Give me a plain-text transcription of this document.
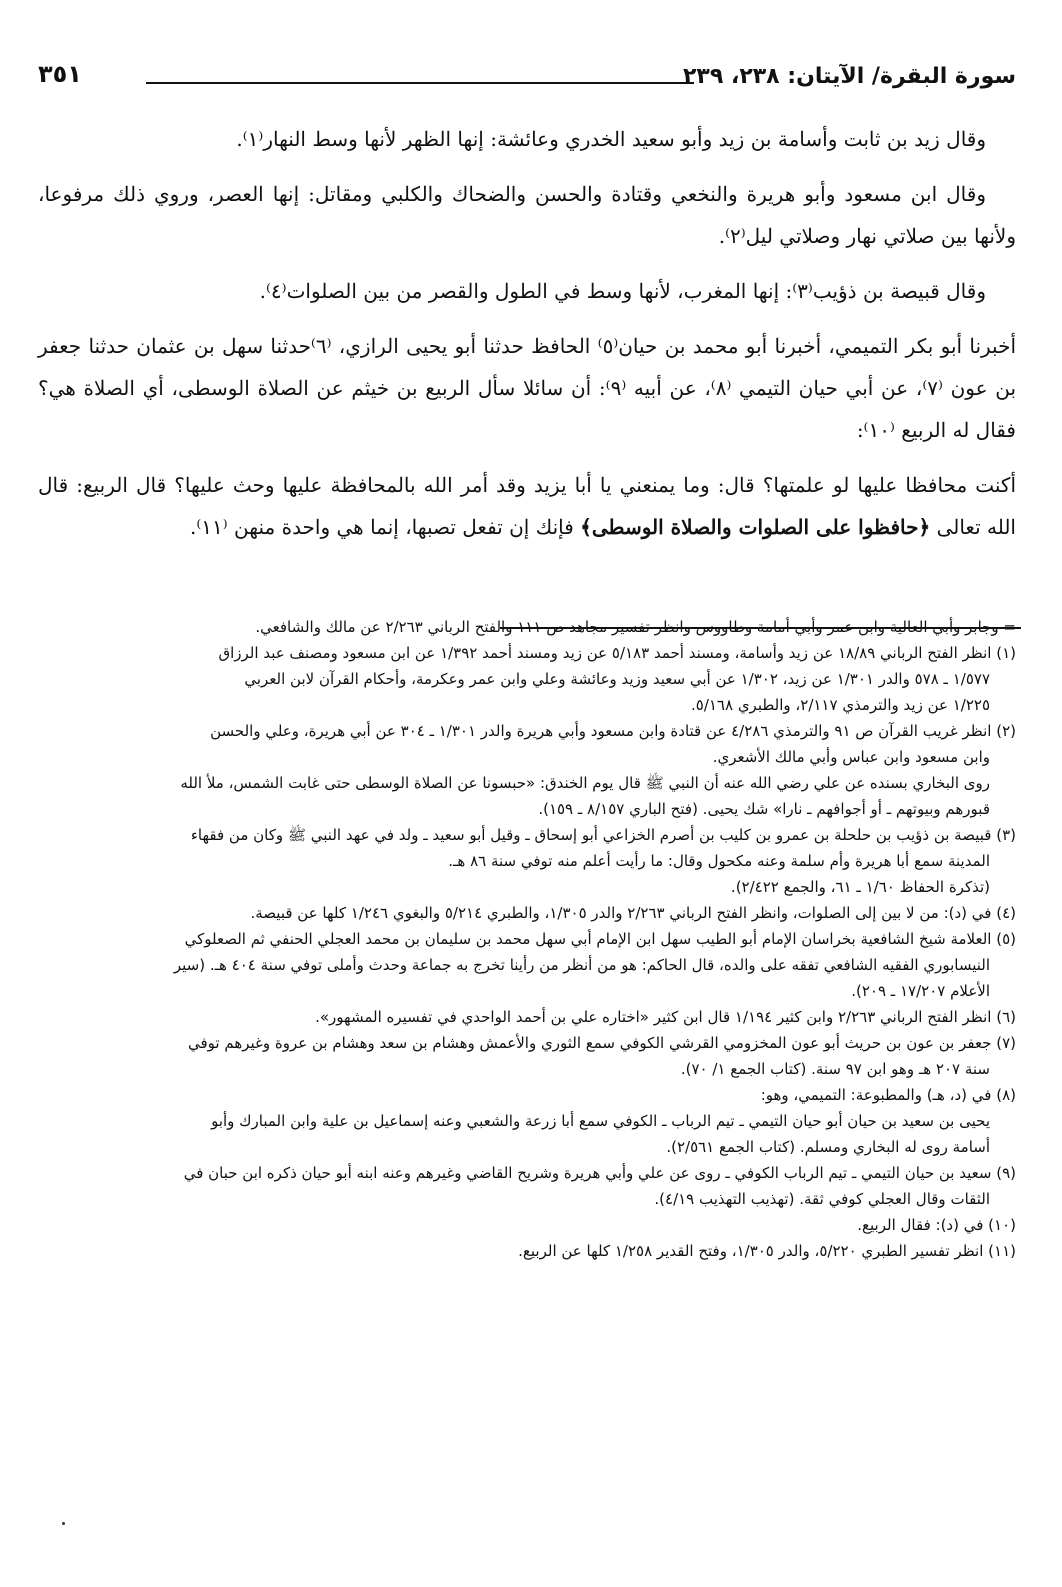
سورة البقرة/ الآيتان: ٢٣٨، ٢٣٩
٣٥١

وقال زيد بن ثابت وأسامة بن زيد وأبو سعيد الخدري وعائشة: إنها الظهر لأنها وسط النهار⁽١⁾.

وقال ابن مسعود وأبو هريرة والنخعي وقتادة والحسن والضحاك والكلبي ومقاتل: إنها العصر، وروي ذلك مرفوعا، ولأنها بين صلاتي نهار وصلاتي ليل⁽٢⁾.

وقال قبيصة بن ذؤيب⁽٣⁾: إنها المغرب، لأنها وسط في الطول والقصر من بين الصلوات⁽٤⁾.

أخبرنا أبو بكر التميمي، أخبرنا أبو محمد بن حيان⁽٥⁾ الحافظ حدثنا أبو يحيى الرازي، ⁽٦⁾حدثنا سهل بن عثمان حدثنا جعفر بن عون ⁽٧⁾، عن أبي حيان التيمي ⁽٨⁾، عن أبيه ⁽٩⁾: أن سائلا سأل الربيع بن خيثم عن الصلاة الوسطى، أي الصلاة هي؟ فقال له الربيع ⁽١٠⁾:

أكنت محافظا عليها لو علمتها؟ قال: وما يمنعني يا أبا يزيد وقد أمر الله بالمحافظة عليها وحث عليها؟ قال الربيع: قال الله تعالى ﴿حافظوا على الصلوات والصلاة الوسطى﴾ فإنك إن تفعل تصبها، إنما هي واحدة منهن ⁽١١⁾.

= وجابر وأبي العالية وابن عمر وأبي أمامة وطاووس وانظر تفسير مجاهد ص ١١١ والفتح الرباني ٢/٢٦٣ عن مالك والشافعي.

(١) انظر الفتح الرباني ١٨/٨٩ عن زيد وأسامة، ومسند أحمد ٥/١٨٣ عن زيد ومسند أحمد ١/٣٩٢ عن ابن مسعود ومصنف عبد الرزاق

١/٥٧٧ ـ ٥٧٨ والدر ١/٣٠١ عن زيد، ١/٣٠٢ عن أبي سعيد وزيد وعائشة وعلي وابن عمر وعكرمة، وأحكام القرآن لابن العربي

١/٢٢٥ عن زيد والترمذي ٢/١١٧، والطبري ٥/١٦٨.

(٢) انظر غريب القرآن ص ٩١ والترمذي ٤/٢٨٦ عن قتادة وابن مسعود وأبي هريرة والدر ١/٣٠١ ـ ٣٠٤ عن أبي هريرة، وعلي والحسن

وابن مسعود وابن عباس وأبي مالك الأشعري.

روى البخاري بسنده عن علي رضي الله عنه أن النبي ﷺ قال يوم الخندق: «حبسونا عن الصلاة الوسطى حتى غابت الشمس، ملأ الله

قبورهم وبيوتهم ـ أو أجوافهم ـ نارا» شك يحيى. (فتح الباري ٨/١٥٧ ـ ١٥٩).

(٣) قبيصة بن ذؤيب بن حلحلة بن عمرو بن كليب بن أصرم الخزاعي أبو إسحاق ـ وقيل أبو سعيد ـ ولد في عهد النبي ﷺ وكان من فقهاء

المدينة سمع أبا هريرة وأم سلمة وعنه مكحول وقال: ما رأيت أعلم منه توفي سنة ٨٦ هـ.

(تذكرة الحفاظ ١/٦٠ ـ ٦١، والجمع ٢/٤٢٢).

(٤) في (د): من لا بين إلى الصلوات، وانظر الفتح الرباني ٢/٢٦٣ والدر ١/٣٠٥، والطبري ٥/٢١٤ والبغوي ١/٢٤٦ كلها عن قبيصة.

(٥) العلامة شيخ الشافعية بخراسان الإمام أبو الطيب سهل ابن الإمام أبي سهل محمد بن سليمان بن محمد العجلي الحنفي ثم الصعلوكي

النيسابوري الفقيه الشافعي تفقه على والده، قال الحاكم: هو من أنظر من رأينا تخرج به جماعة وحدث وأملى توفي سنة ٤٠٤ هـ. (سير

الأعلام ١٧/٢٠٧ ـ ٢٠٩).

(٦) انظر الفتح الرباني ٢/٢٦٣ وابن كثير ١/١٩٤ قال ابن كثير «اختاره علي بن أحمد الواحدي في تفسيره المشهور».

(٧) جعفر بن عون بن حريث أبو عون المخزومي القرشي الكوفي سمع الثوري والأعمش وهشام بن سعد وهشام بن عروة وغيرهم توفي

سنة ٢٠٧ هـ وهو ابن ٩٧ سنة. (كتاب الجمع ١/ ٧٠).

(٨) في (د، هـ) والمطبوعة: التميمي، وهو:

يحيى بن سعيد بن حيان أبو حيان التيمي ـ تيم الرباب ـ الكوفي سمع أبا زرعة والشعبي وعنه إسماعيل بن علية وابن المبارك وأبو

أسامة روى له البخاري ومسلم. (كتاب الجمع ٢/٥٦١).

(٩) سعيد بن حيان التيمي ـ تيم الرباب الكوفي ـ روى عن علي وأبي هريرة وشريح القاضي وغيرهم وعنه ابنه أبو حيان ذكره ابن حبان في

الثقات وقال العجلي كوفي ثقة. (تهذيب التهذيب ٤/١٩).

(١٠) في (د): فقال الربيع.

(١١) انظر تفسير الطبري ٥/٢٢٠، والدر ١/٣٠٥، وفتح القدير ١/٢٥٨ كلها عن الربيع.
